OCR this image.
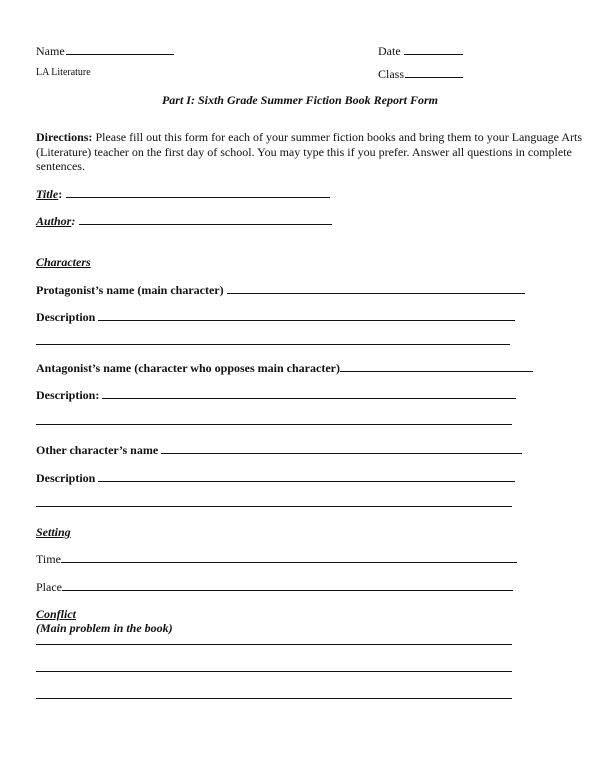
Name	Date
LA Literature	Class
Part I: Sixth Grade Summer Fiction Book Report Form
Directions: Please fill out this form for each of your summer fiction books and bring them to your Language Arts
(Literature) teacher on the first day of school. You may type this if you prefer. Answer all questions in complete
sentences.
Title :
Author :
Characters
Protagonist’s name (main character)
Description
Antagonist’s name (character who opposes main character)
Description:
Other character’s name
Description
Setting
Time
Place
Conflict
(Main problem in the book)
